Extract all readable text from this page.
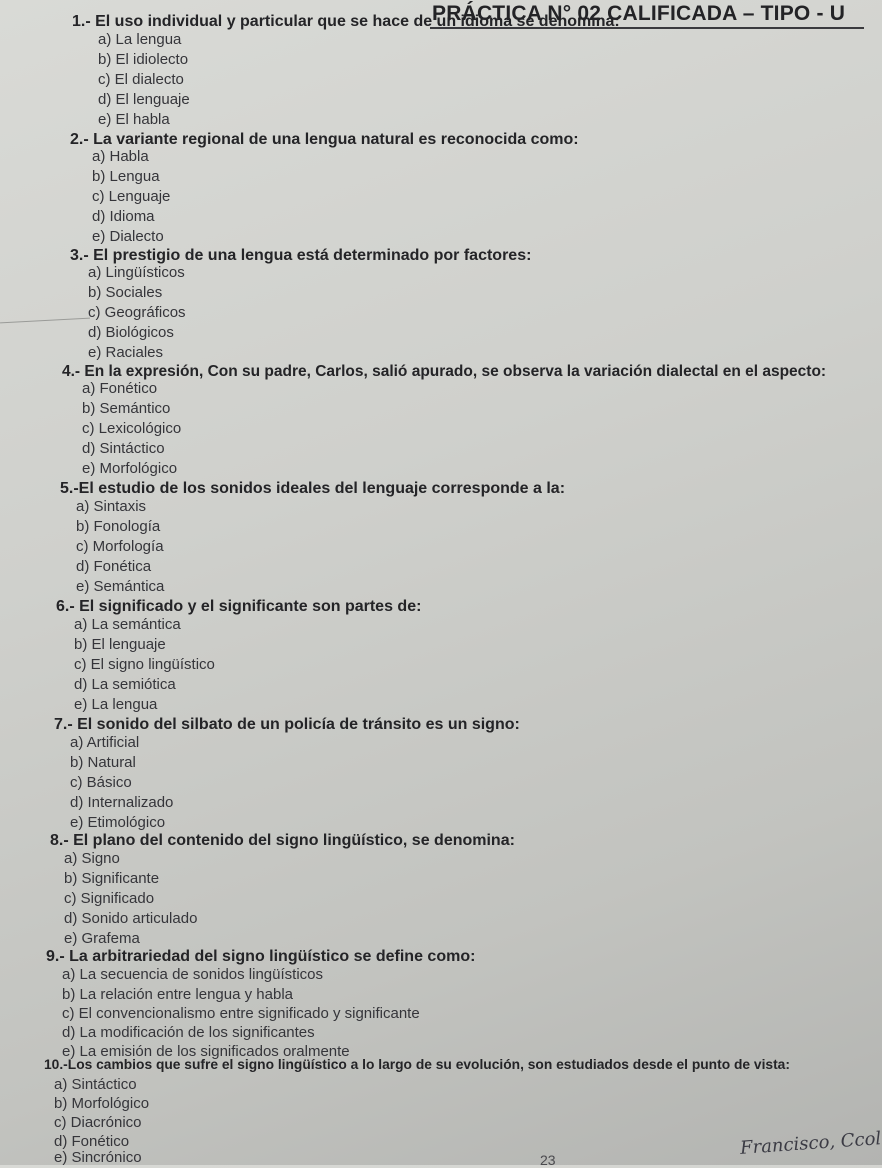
PRÁCTICA N° 02 CALIFICADA – TIPO - U
1.- El uso individual y particular que se hace de un idioma se denomina:
a) La lengua
b) El idiolecto
c) El dialecto
d) El lenguaje
e) El habla
2.- La variante regional de una lengua natural es reconocida como:
a) Habla
b) Lengua
c) Lenguaje
d) Idioma
e) Dialecto
3.- El prestigio de una lengua está determinado por factores:
a) Lingüísticos
b) Sociales
c) Geográficos
d) Biológicos
e) Raciales
4.- En la expresión, Con su padre, Carlos, salió apurado, se observa la variación dialectal en el aspecto:
a) Fonético
b) Semántico
c) Lexicológico
d) Sintáctico
e) Morfológico
5.-El estudio de los sonidos ideales del lenguaje corresponde a la:
a) Sintaxis
b) Fonología
c) Morfología
d) Fonética
e) Semántica
6.- El significado y el significante son partes de:
a) La semántica
b) El lenguaje
c) El signo lingüístico
d) La semiótica
e) La lengua
7.- El sonido del silbato de un policía de tránsito es un signo:
a) Artificial
b) Natural
c) Básico
d) Internalizado
e) Etimológico
8.- El plano del contenido del signo lingüístico, se denomina:
a) Signo
b) Significante
c) Significado
d) Sonido articulado
e) Grafema
9.- La arbitrariedad del signo lingüístico se define como:
a) La secuencia de sonidos lingüísticos
b) La relación entre lengua y habla
c) El convencionalismo entre significado y significante
d) La modificación de los significantes
e) La emisión de los significados oralmente
10.-Los cambios que sufre el signo lingüístico a lo largo de su evolución, son estudiados desde el punto de vista:
a) Sintáctico
b) Morfológico
c) Diacrónico
d) Fonético
e) Sincrónico	23
Francisco, Ccol
